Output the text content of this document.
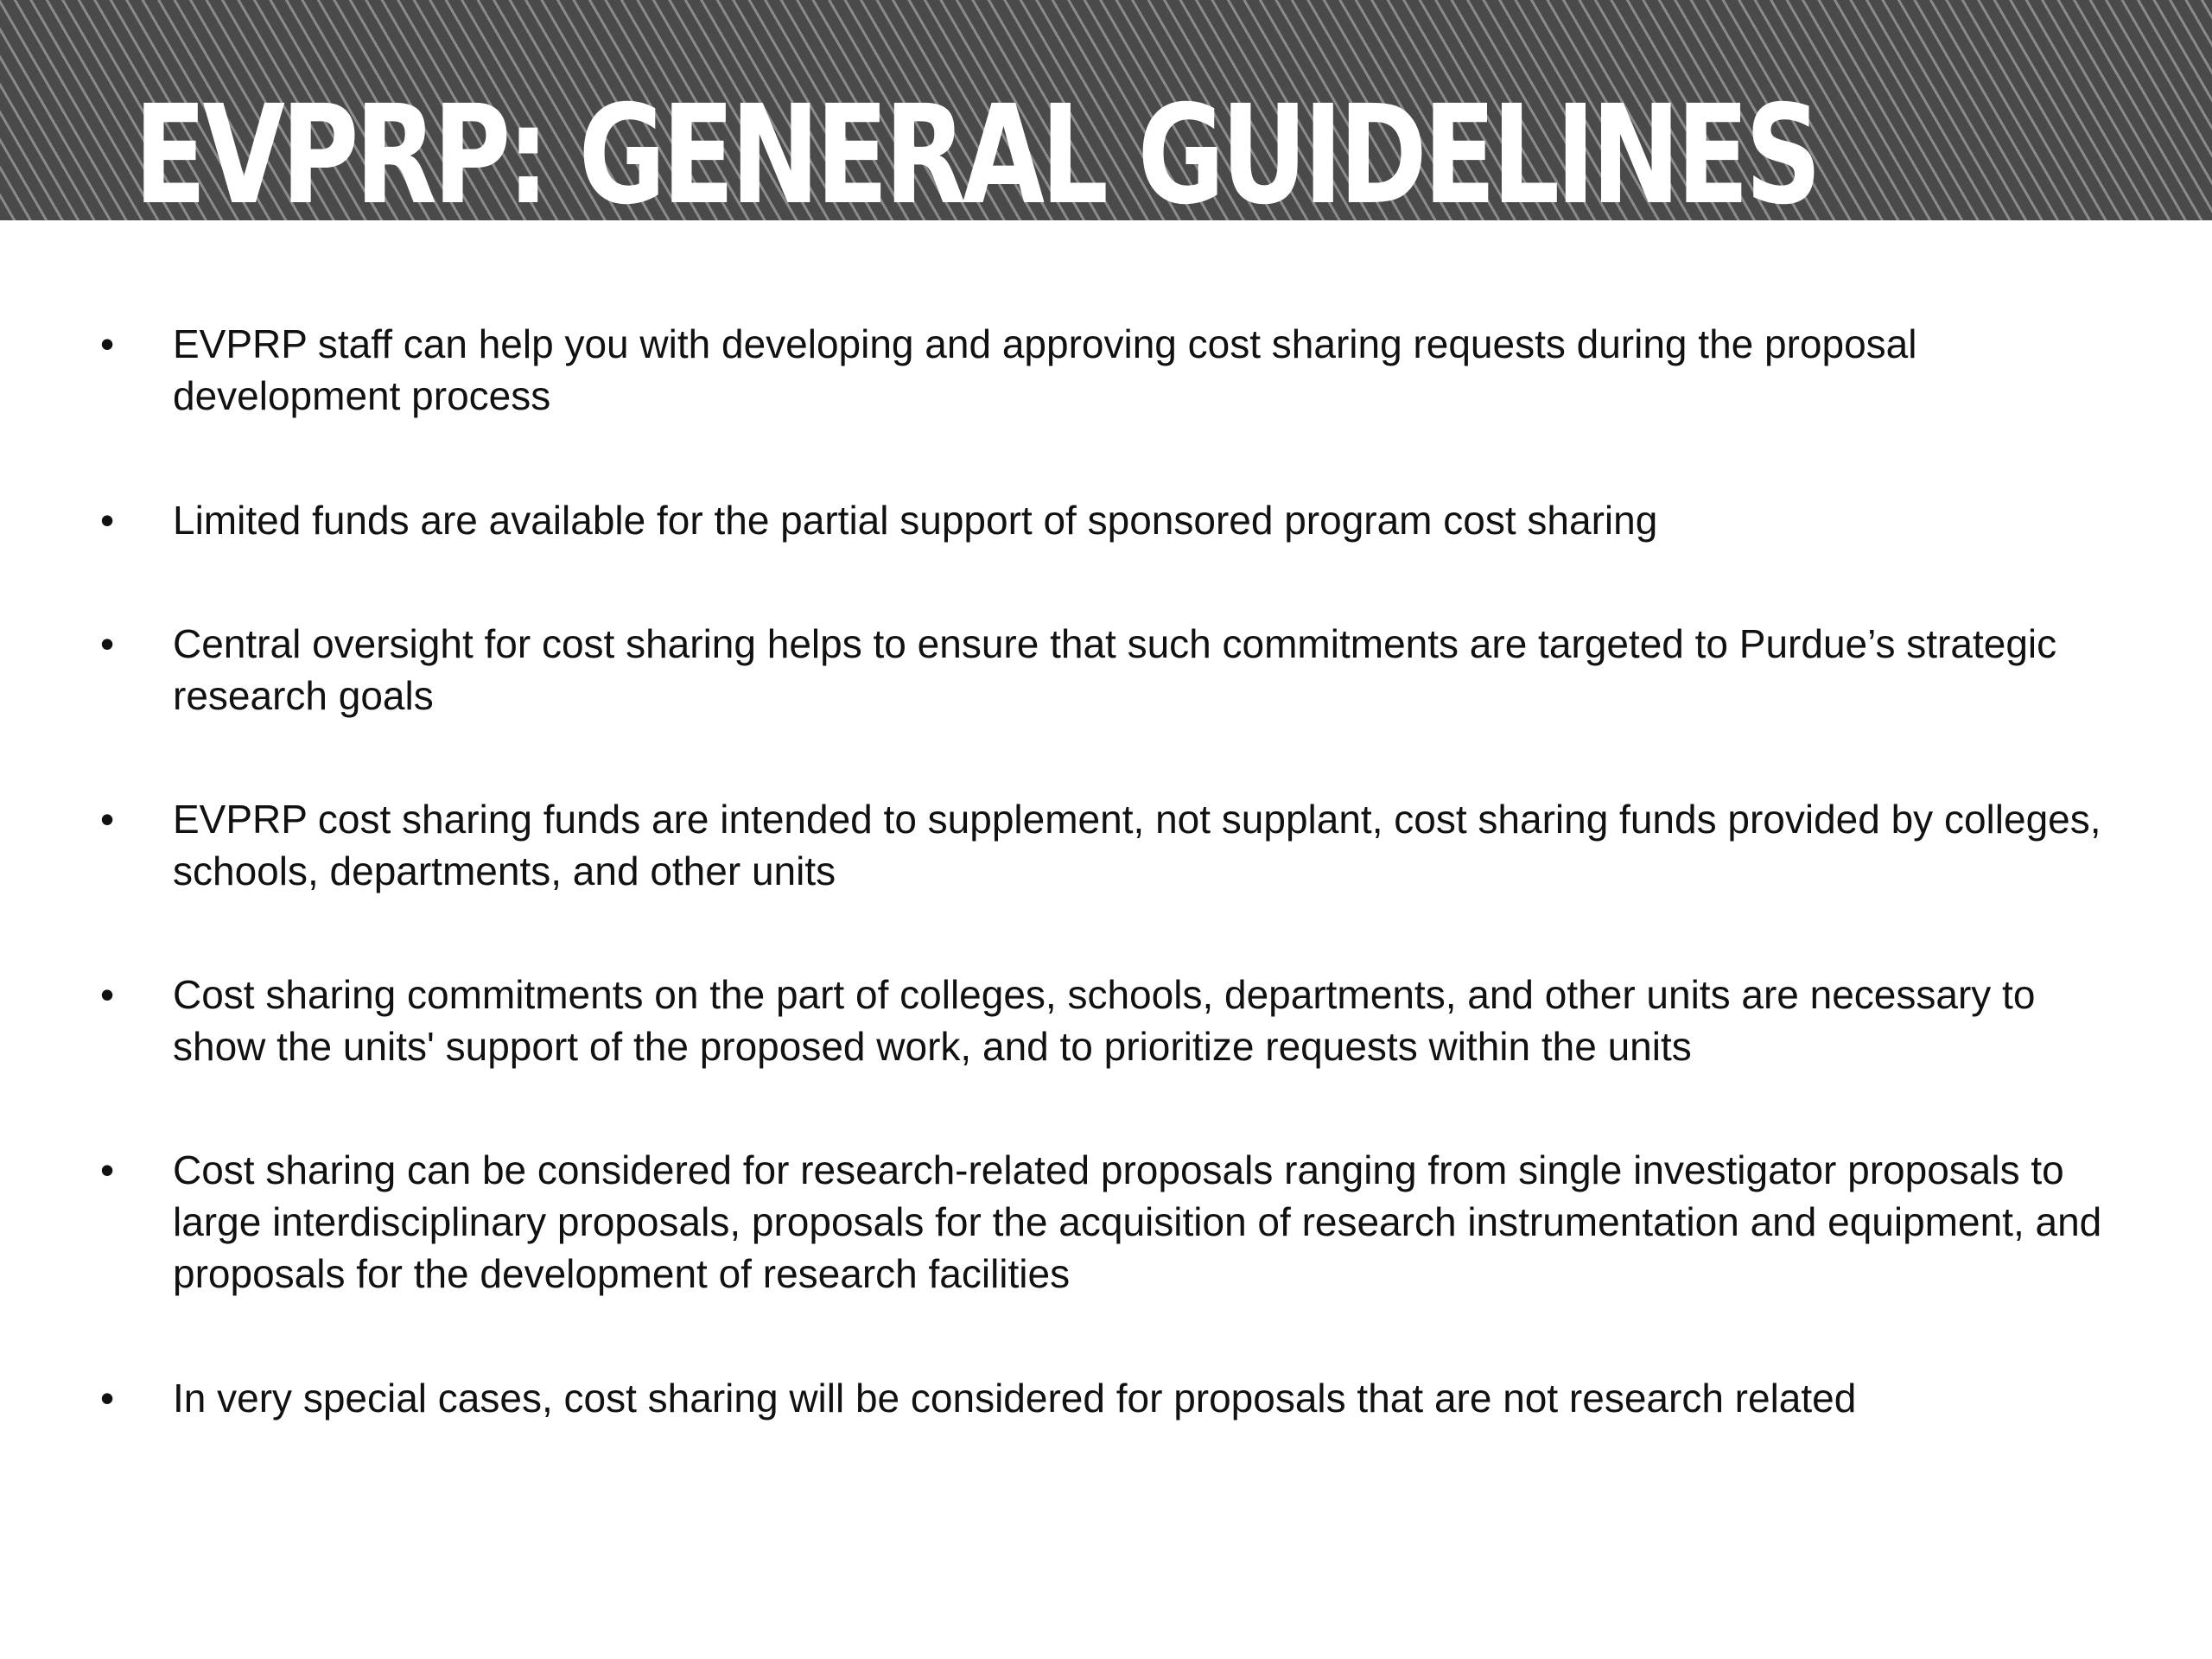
EVPRP: GENERAL GUIDELINES
• EVPRP staff can help you with developing and approving cost sharing requests during the proposal development process
• Limited funds are available for the partial support of sponsored program cost sharing
• Central oversight for cost sharing helps to ensure that such commitments are targeted to Purdue’s strategic research goals
• EVPRP cost sharing funds are intended to supplement, not supplant, cost sharing funds provided by colleges, schools, departments, and other units
• Cost sharing commitments on the part of colleges, schools, departments, and other units are necessary to show the units' support of the proposed work, and to prioritize requests within the units
• Cost sharing can be considered for research-related proposals ranging from single investigator proposals to large interdisciplinary proposals, proposals for the acquisition of research instrumentation and equipment, and proposals for the development of research facilities
• In very special cases, cost sharing will be considered for proposals that are not research related
